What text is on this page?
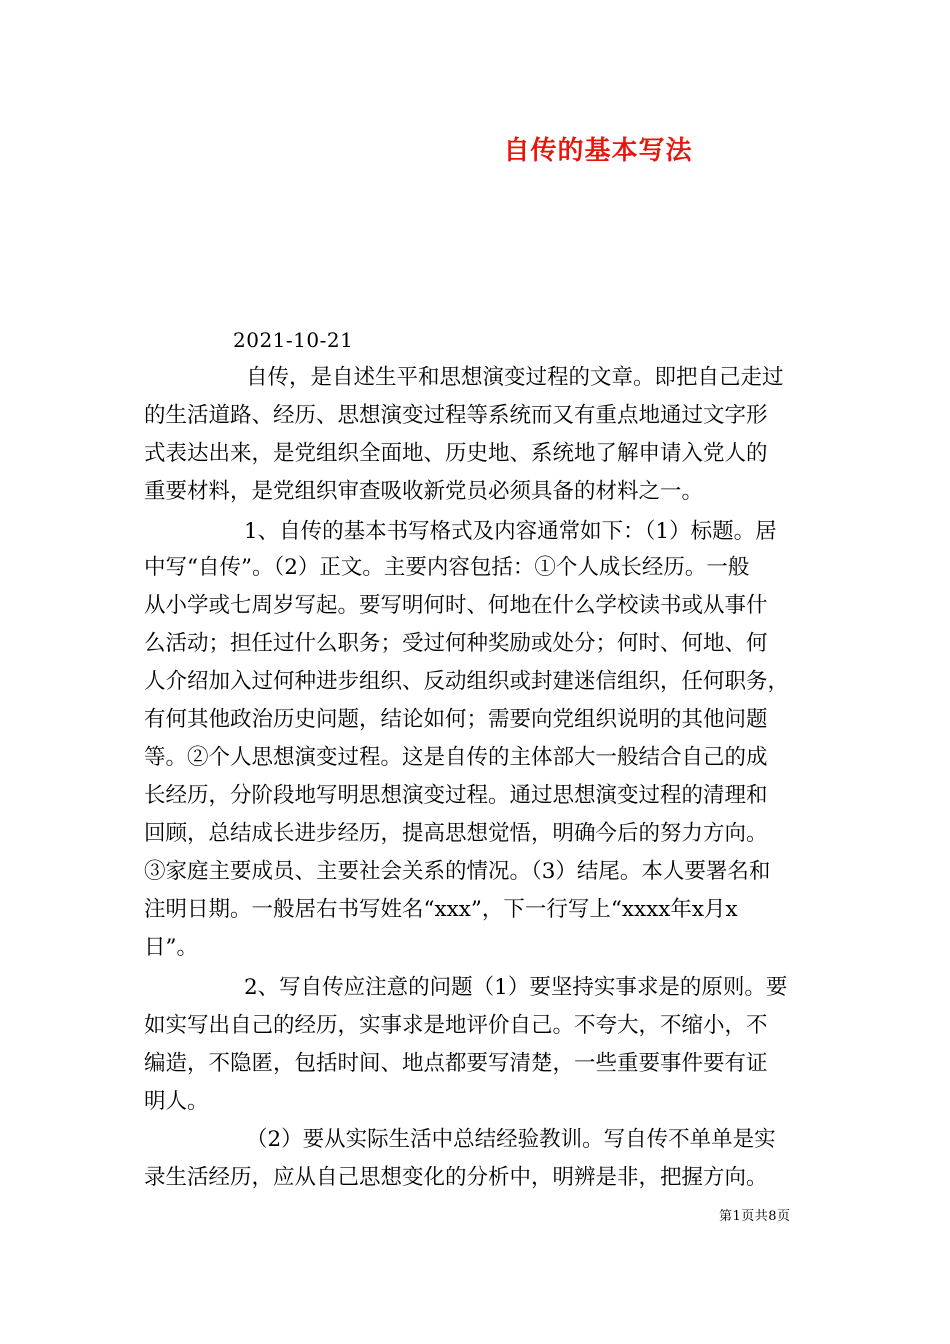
自传的基本写法
2021-10-21
自传，是自述生平和思想演变过程的文章。即把自己走过
的生活道路、经历、思想演变过程等系统而又有重点地通过文字形
式表达出来，是党组织全面地、历史地、系统地了解申请入党人的
重要材料，是党组织审查吸收新党员必须具备的材料之一。
1、自传的基本书写格式及内容通常如下：（1）标题。居
中写“自传”。（2）正文。主要内容包括：①个人成长经历。一般
从小学或七周岁写起。要写明何时、何地在什么学校读书或从事什
么活动；担任过什么职务；受过何种奖励或处分；何时、何地、何
人介绍加入过何种进步组织、反动组织或封建迷信组织，任何职务，
有何其他政治历史问题，结论如何；需要向党组织说明的其他问题
等。②个人思想演变过程。这是自传的主体部大一般结合自己的成
长经历，分阶段地写明思想演变过程。通过思想演变过程的清理和
回顾，总结成长进步经历，提高思想觉悟，明确今后的努力方向。
③家庭主要成员、主要社会关系的情况。（3）结尾。本人要署名和
注明日期。一般居右书写姓名“xxx”，下一行写上“xxxx年x月x
日”。
2、写自传应注意的问题（1）要坚持实事求是的原则。要
如实写出自己的经历，实事求是地评价自己。不夸大，不缩小，不
编造，不隐匿，包括时间、地点都要写清楚，一些重要事件要有证
明人。
（2）要从实际生活中总结经验教训。写自传不单单是实
录生活经历，应从自己思想变化的分析中，明辨是非，把握方向。
第1页共8页
